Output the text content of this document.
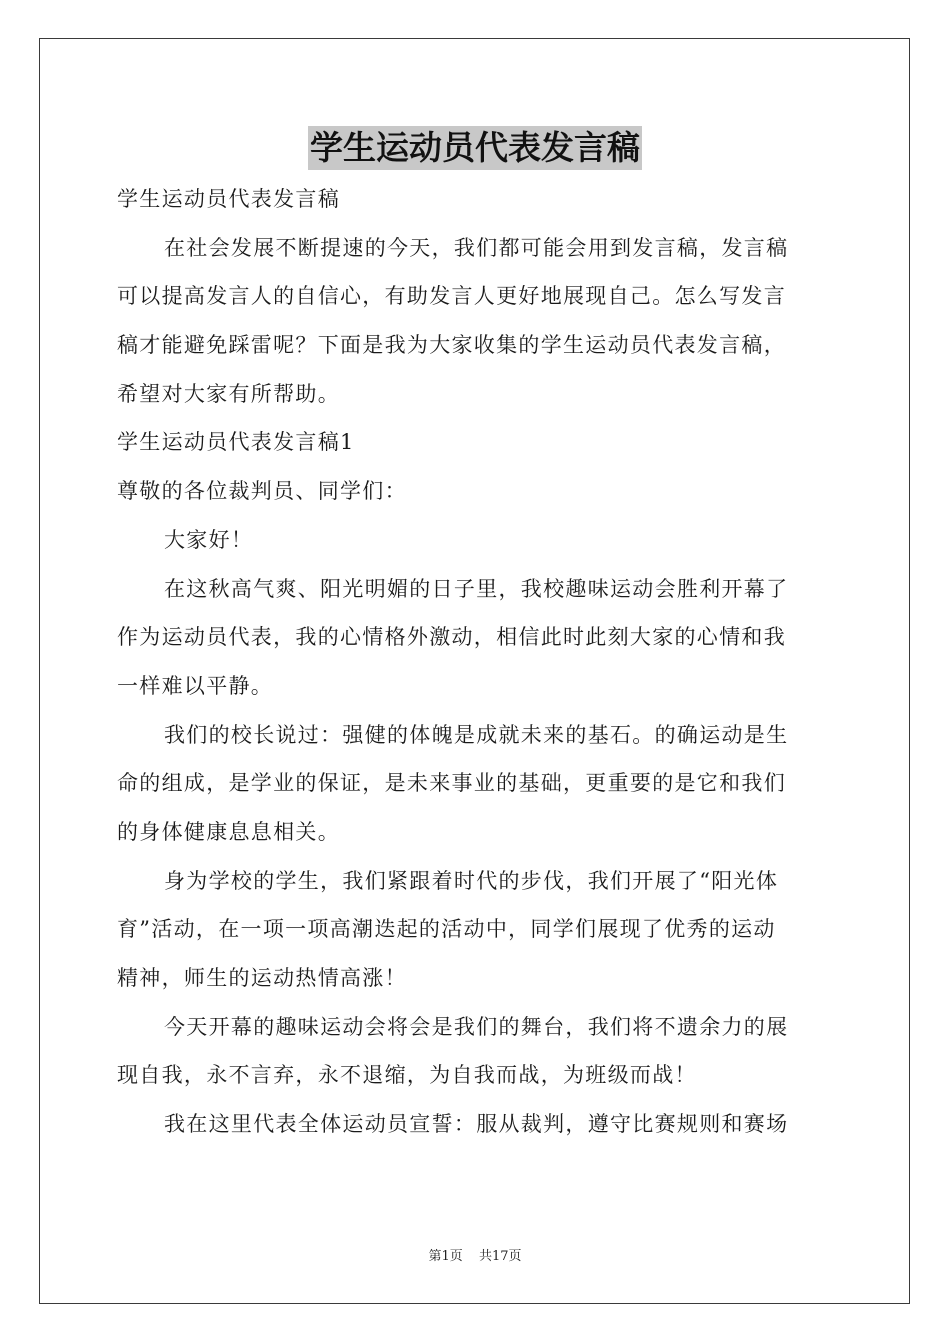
学生运动员代表发言稿
学生运动员代表发言稿
在社会发展不断提速的今天，我们都可能会用到发言稿，发言稿
可以提高发言人的自信心，有助发言人更好地展现自己。怎么写发言
稿才能避免踩雷呢？下面是我为大家收集的学生运动员代表发言稿，
希望对大家有所帮助。
学生运动员代表发言稿1
尊敬的各位裁判员、同学们：
大家好！
在这秋高气爽、阳光明媚的日子里，我校趣味运动会胜利开幕了
作为运动员代表，我的心情格外激动，相信此时此刻大家的心情和我
一样难以平静。
我们的校长说过：强健的体魄是成就未来的基石。的确运动是生
命的组成，是学业的保证，是未来事业的基础，更重要的是它和我们
的身体健康息息相关。
身为学校的学生，我们紧跟着时代的步伐，我们开展了“阳光体
育”活动，在一项一项高潮迭起的活动中，同学们展现了优秀的运动
精神，师生的运动热情高涨！
今天开幕的趣味运动会将会是我们的舞台，我们将不遗余力的展
现自我，永不言弃，永不退缩，为自我而战，为班级而战！
我在这里代表全体运动员宣誓：服从裁判，遵守比赛规则和赛场
第1页 共17页
